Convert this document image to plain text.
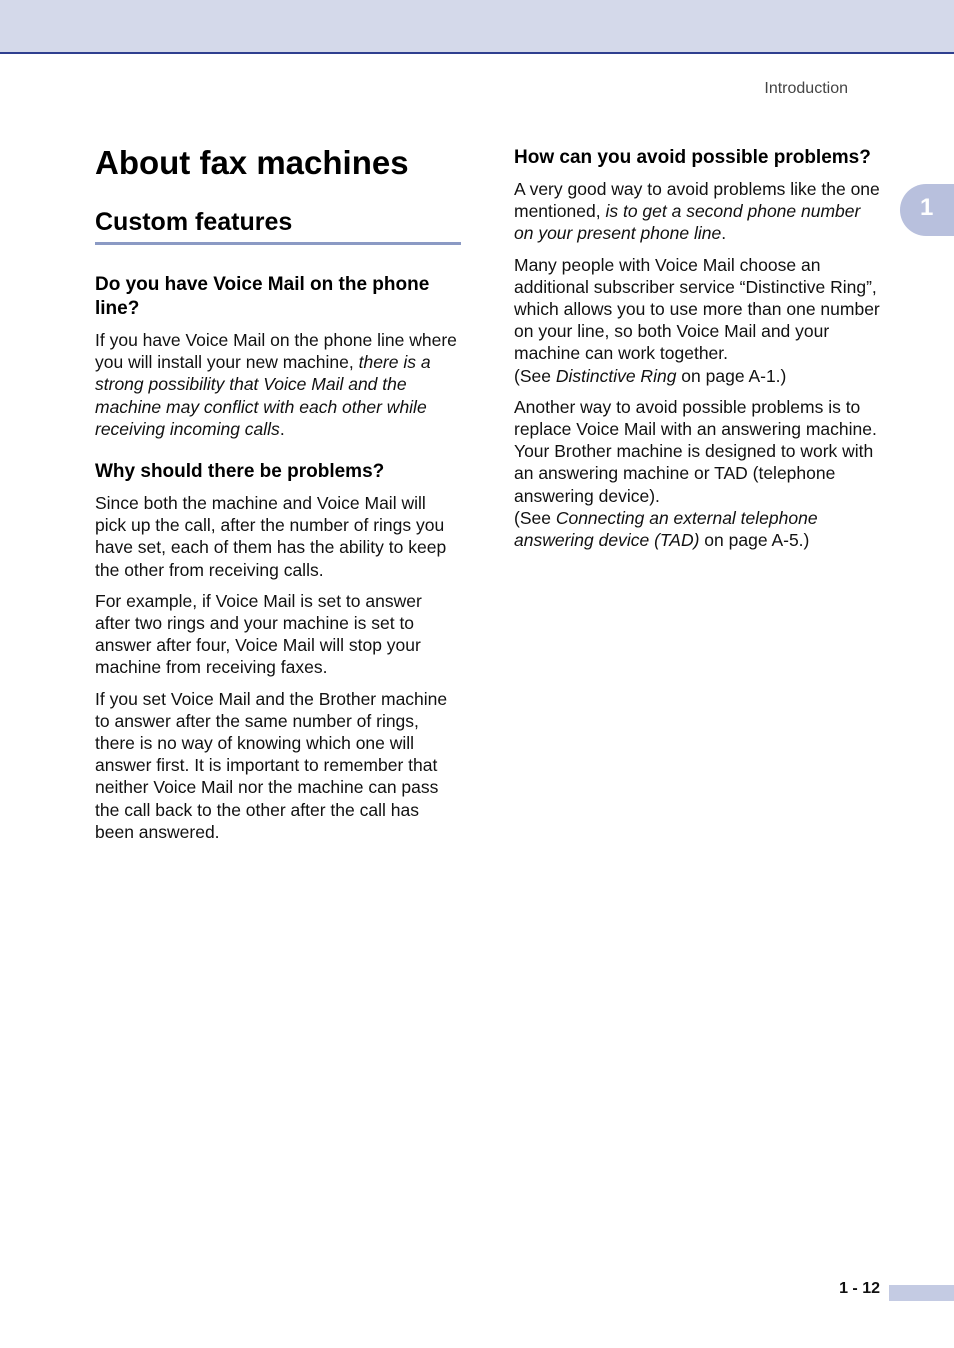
Introduction
1
About fax machines
Custom features
Do you have Voice Mail on the phone line?

If you have Voice Mail on the phone line where you will install your new machine, there is a strong possibility that Voice Mail and the machine may conflict with each other while receiving incoming calls.

Why should there be problems?

Since both the machine and Voice Mail will pick up the call, after the number of rings you have set, each of them has the ability to keep the other from receiving calls.

For example, if Voice Mail is set to answer after two rings and your machine is set to answer after four, Voice Mail will stop your machine from receiving faxes.

If you set Voice Mail and the Brother machine to answer after the same number of rings, there is no way of knowing which one will answer first. It is important to remember that neither Voice Mail nor the machine can pass the call back to the other after the call has been answered.

How can you avoid possible problems?

A very good way to avoid problems like the one mentioned, is to get a second phone number on your present phone line.

Many people with Voice Mail choose an additional subscriber service “Distinctive Ring”, which allows you to use more than one number on your line, so both Voice Mail and your machine can work together.
(See Distinctive Ring on page A-1.)

Another way to avoid possible problems is to replace Voice Mail with an answering machine. Your Brother machine is designed to work with an answering machine or TAD (telephone answering device).
(See Connecting an external telephone answering device (TAD) on page A-5.)

1 - 12
